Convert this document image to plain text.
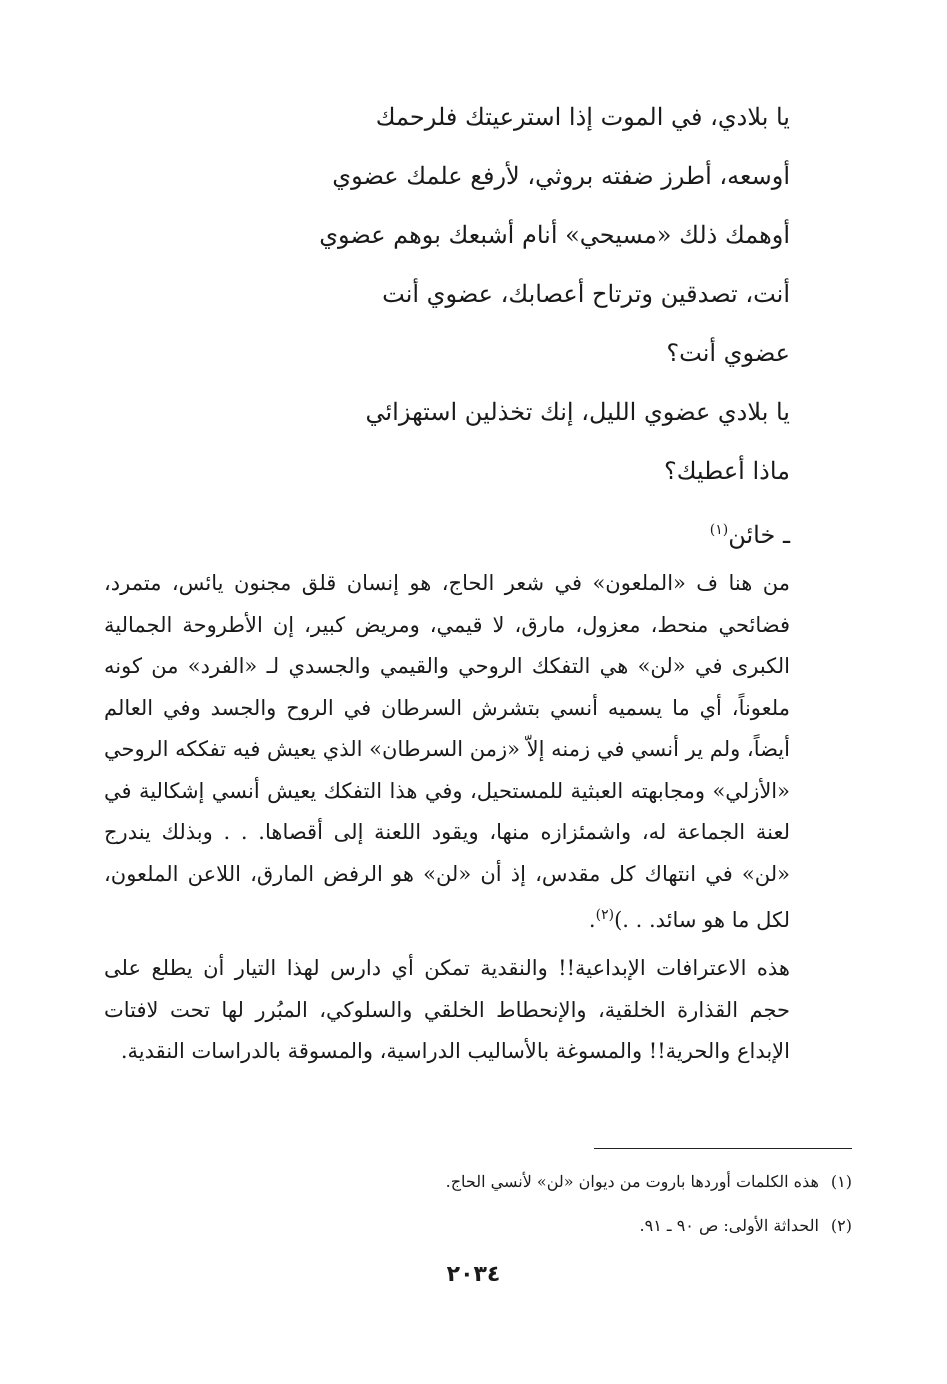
يا بلادي، في الموت إذا استرعيتك فلرحمك
أوسعه، أطرز ضفته بروثي، لأرفع علمك عضوي
أوهمك ذلك «مسيحي» أنام أشبعك بوهم عضوي
أنت، تصدقين وترتاح أعصابك، عضوي أنت
عضوي أنت؟
يا بلادي عضوي الليل، إنك تخذلين استهزائي
ماذا أعطيك؟
ـ خائن$^{(١)}$

من هنا ف «الملعون» في شعر الحاج، هو إنسان قلق مجنون يائس، متمرد، فضائحي منحط، معزول، مارق، لا قيمي، ومريض كبير، إن الأطروحة الجمالية الكبرى في «لن» هي التفكك الروحي والقيمي والجسدي لـ «الفرد» من كونه ملعوناً، أي ما يسميه أنسي بتشرش السرطان في الروح والجسد وفي العالم أيضاً، ولم ير أنسي في زمنه إلاّ «زمن السرطان» الذي يعيش فيه تفككه الروحي «الأزلي» ومجابهته العبثية للمستحيل، وفي هذا التفكك يعيش أنسي إشكالية في لعنة الجماعة له، واشمئزازه منها، ويقود اللعنة إلى أقصاها. . . وبذلك يندرج «لن» في انتهاك كل مقدس، إذ أن «لن» هو الرفض المارق، اللاعن الملعون، لكل ما هو سائد. . .)$^{(٢)}$.

هذه الاعترافات الإبداعية!! والنقدية تمكن أي دارس لهذا التيار أن يطلع على حجم القذارة الخلقية، والإنحطاط الخلقي والسلوكي، المبُرر لها تحت لافتات الإبداع والحرية!! والمسوغة بالأساليب الدراسية، والمسوقة بالدراسات النقدية.

(١)هذه الكلمات أوردها باروت من ديوان «لن» لأنسي الحاج.
(٢)الحداثة الأولى: ص ٩٠ ـ ٩١.
٢٠٣٤
